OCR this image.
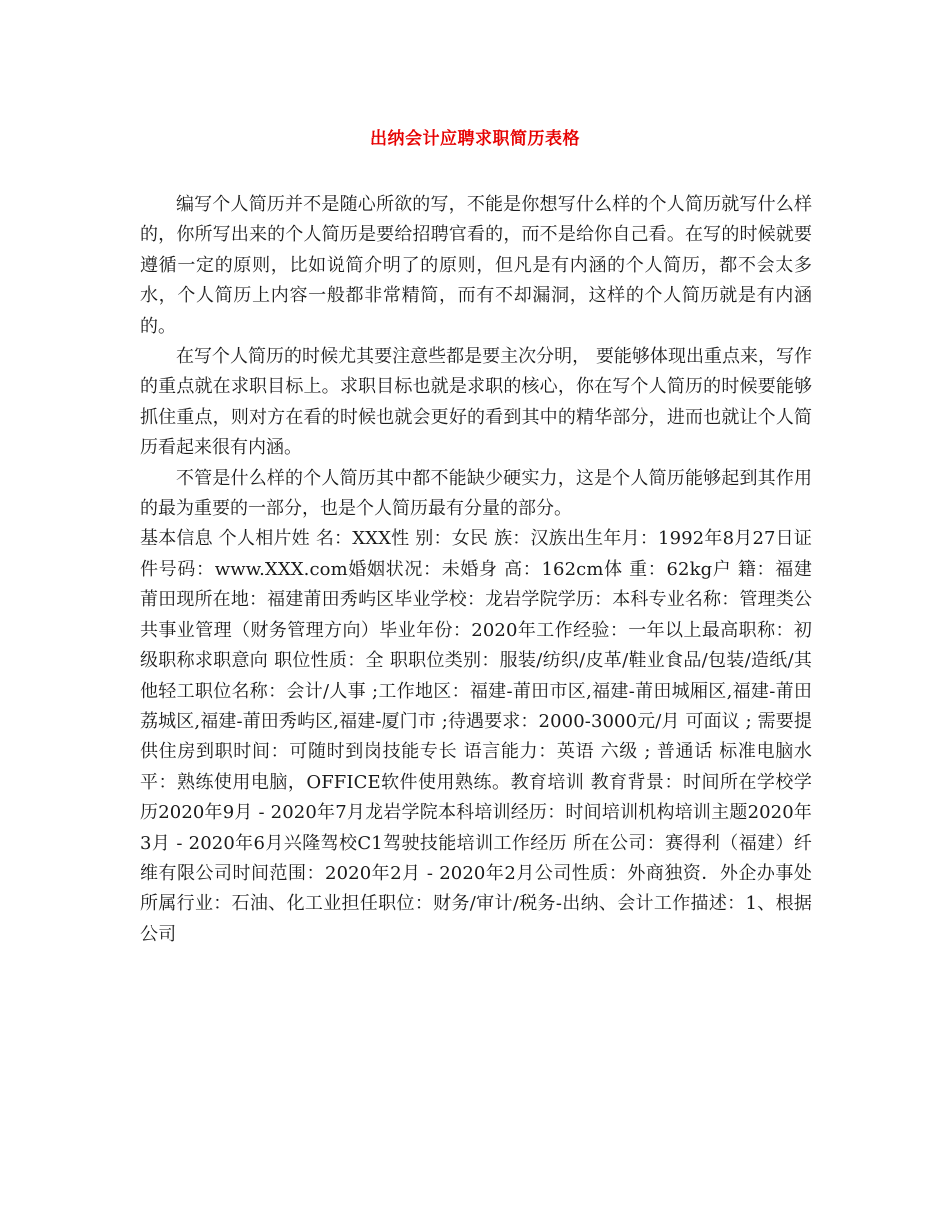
出纳会计应聘求职简历表格

编写个人简历并不是随心所欲的写，不能是你想写什么样的个人简历就写什么样的，你所写出来的个人简历是要给招聘官看的，而不是给你自己看。在写的时候就要遵循一定的原则，比如说简介明了的原则，但凡是有内涵的个人简历，都不会太多水，个人简历上内容一般都非常精简，而有不却漏洞，这样的个人简历就是有内涵的。

在写个人简历的时候尤其要注意些都是要主次分明， 要能够体现出重点来，写作的重点就在求职目标上。求职目标也就是求职的核心，你在写个人简历的时候要能够抓住重点，则对方在看的时候也就会更好的看到其中的精华部分，进而也就让个人简历看起来很有内涵。

不管是什么样的个人简历其中都不能缺少硬实力，这是个人简历能够起到其作用的最为重要的一部分，也是个人简历最有分量的部分。

基本信息 个人相片姓 名：XXX性 别：女民 族：汉族出生年月：1992年8月27日证件号码：www.XXX.com婚姻状况：未婚身 高：162cm体 重：62kg户 籍：福建莆田现所在地：福建莆田秀屿区毕业学校：龙岩学院学历：本科专业名称：管理类公共事业管理（财务管理方向）毕业年份：2020年工作经验：一年以上最高职称：初级职称求职意向 职位性质：全 职职位类别：服装/纺织/皮革/鞋业食品/包装/造纸/其他轻工职位名称：会计/人事 ;工作地区：福建-莆田市区,福建-莆田城厢区,福建-莆田荔城区,福建-莆田秀屿区,福建-厦门市 ;待遇要求：2000-3000元/月 可面议 ; 需要提供住房到职时间：可随时到岗技能专长 语言能力：英语 六级 ; 普通话 标准电脑水平：熟练使用电脑，OFFICE软件使用熟练。教育培训 教育背景：时间所在学校学历2020年9月 - 2020年7月龙岩学院本科培训经历：时间培训机构培训主题2020年3月 - 2020年6月兴隆驾校C1驾驶技能培训工作经历 所在公司：赛得利（福建）纤维有限公司时间范围：2020年2月 - 2020年2月公司性质：外商独资．外企办事处所属行业：石油、化工业担任职位：财务/审计/税务-出纳、会计工作描述：1、根据公司
